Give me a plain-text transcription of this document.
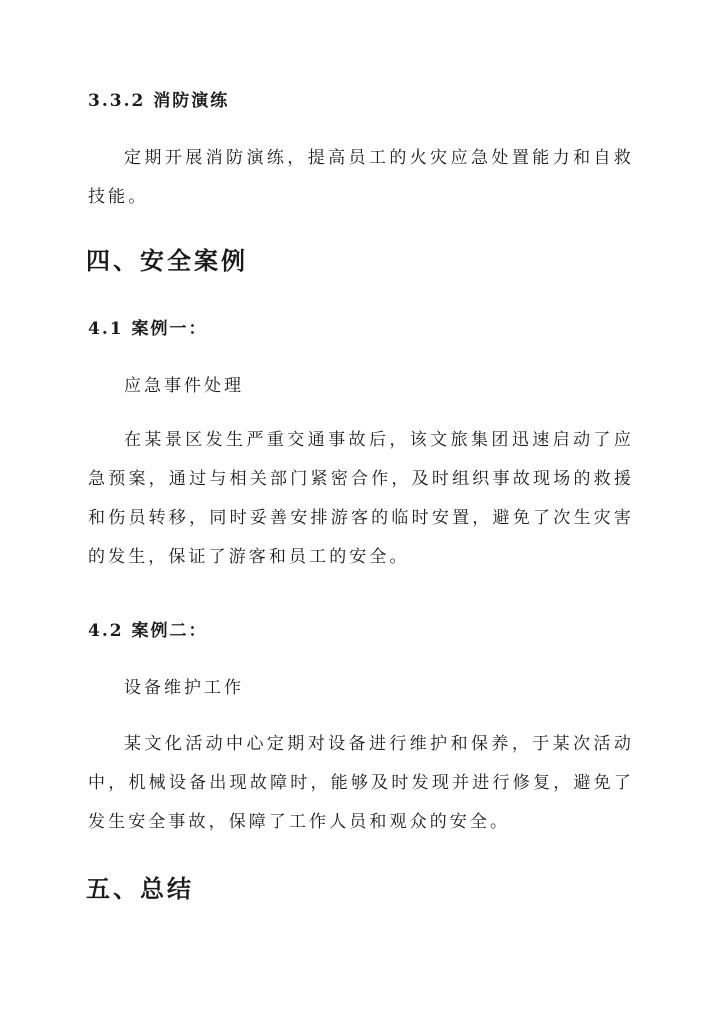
3.3.2 消防演练

定期开展消防演练，提高员工的火灾应急处置能力和自救技能。

四、安全案例
4.1 案例一：
应急事件处理

在某景区发生严重交通事故后，该文旅集团迅速启动了应急预案，通过与相关部门紧密合作，及时组织事故现场的救援和伤员转移，同时妥善安排游客的临时安置，避免了次生灾害的发生，保证了游客和员工的安全。

4.2 案例二：
设备维护工作

某文化活动中心定期对设备进行维护和保养，于某次活动中，机械设备出现故障时，能够及时发现并进行修复，避免了发生安全事故，保障了工作人员和观众的安全。

五、总结
